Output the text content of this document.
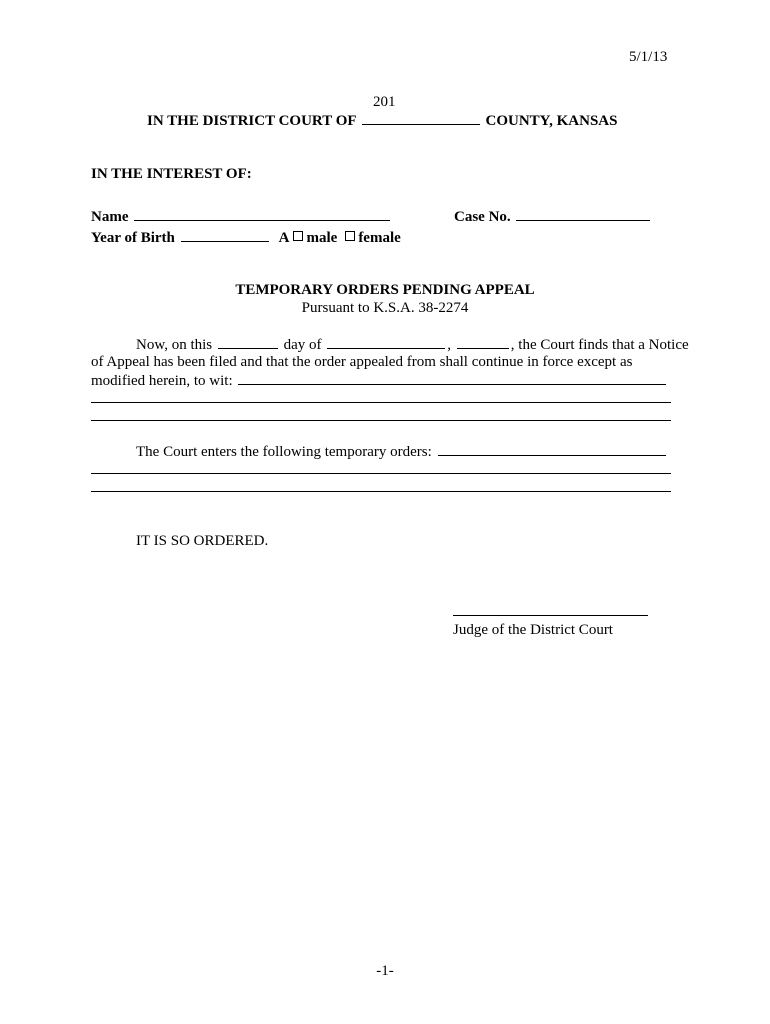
5/1/13
201
IN THE DISTRICT COURT OF	COUNTY, KANSAS
IN THE INTEREST OF:
Name	Case No.
Year of Birth	A male female
TEMPORARY ORDERS PENDING APPEAL
Pursuant to K.S.A. 38-2274
Now, on this	day of	,	, the Court finds that a Notice
of Appeal has been filed and that the order appealed from shall continue in force except as
modified herein, to wit:
The Court enters the following temporary orders:
IT IS SO ORDERED.
Judge of the District Court
-1-
